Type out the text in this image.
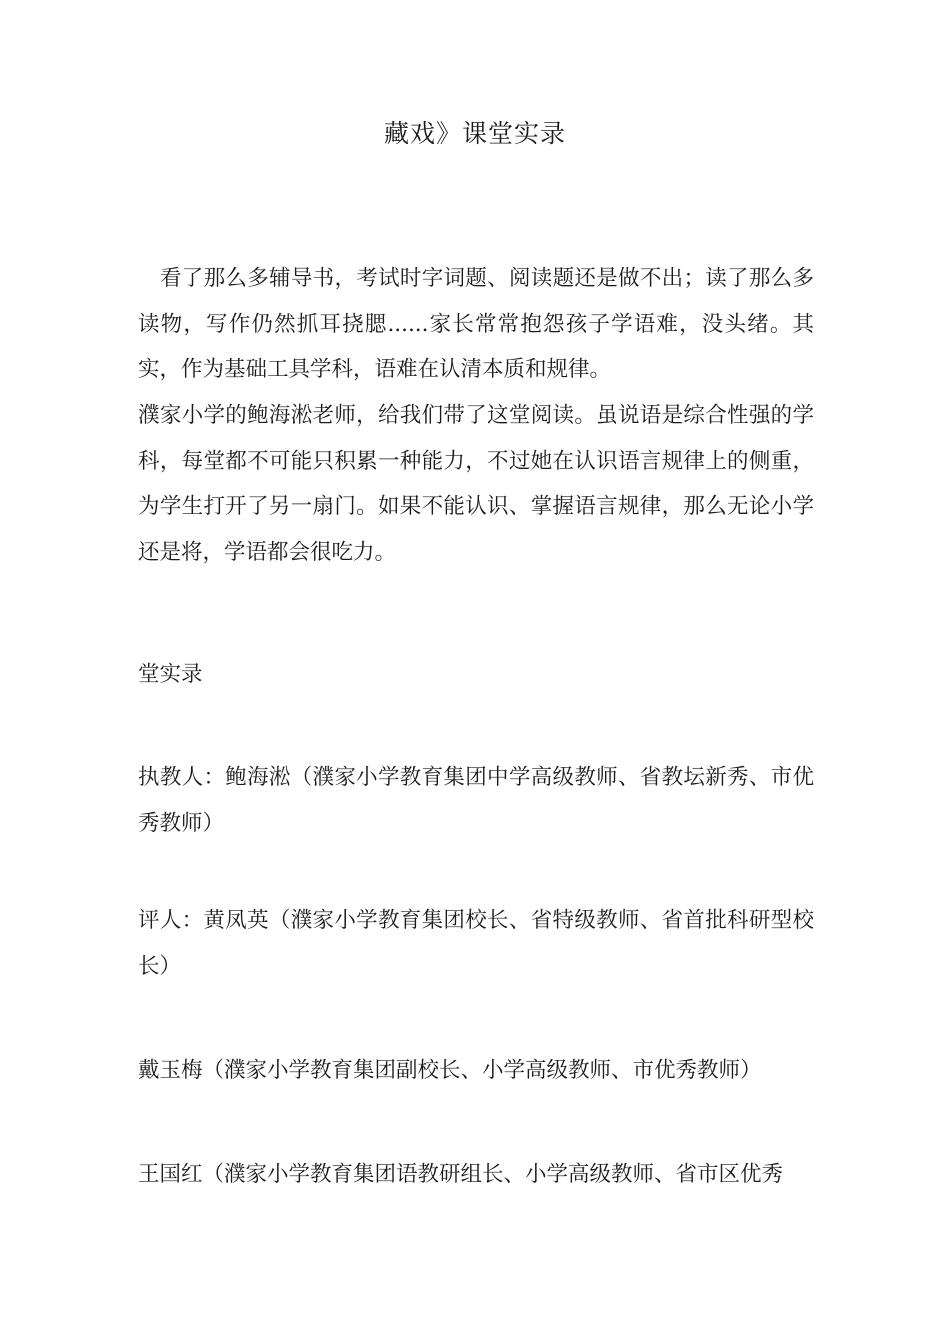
藏戏》课堂实录

看了那么多辅导书，考试时字词题、阅读题还是做不出；读了那么多读物，写作仍然抓耳挠腮......家长常常抱怨孩子学语难，没头绪。其实，作为基础工具学科，语难在认清本质和规律。

濮家小学的鲍海淞老师，给我们带了这堂阅读。虽说语是综合性强的学科，每堂都不可能只积累一种能力，不过她在认识语言规律上的侧重，为学生打开了另一扇门。如果不能认识、掌握语言规律，那么无论小学还是将，学语都会很吃力。

堂实录

执教人：鲍海淞（濮家小学教育集团中学高级教师、省教坛新秀、市优秀教师）

评人：黄凤英（濮家小学教育集团校长、省特级教师、省首批科研型校长）

戴玉梅（濮家小学教育集团副校长、小学高级教师、市优秀教师）

王国红（濮家小学教育集团语教研组长、小学高级教师、省市区优秀
